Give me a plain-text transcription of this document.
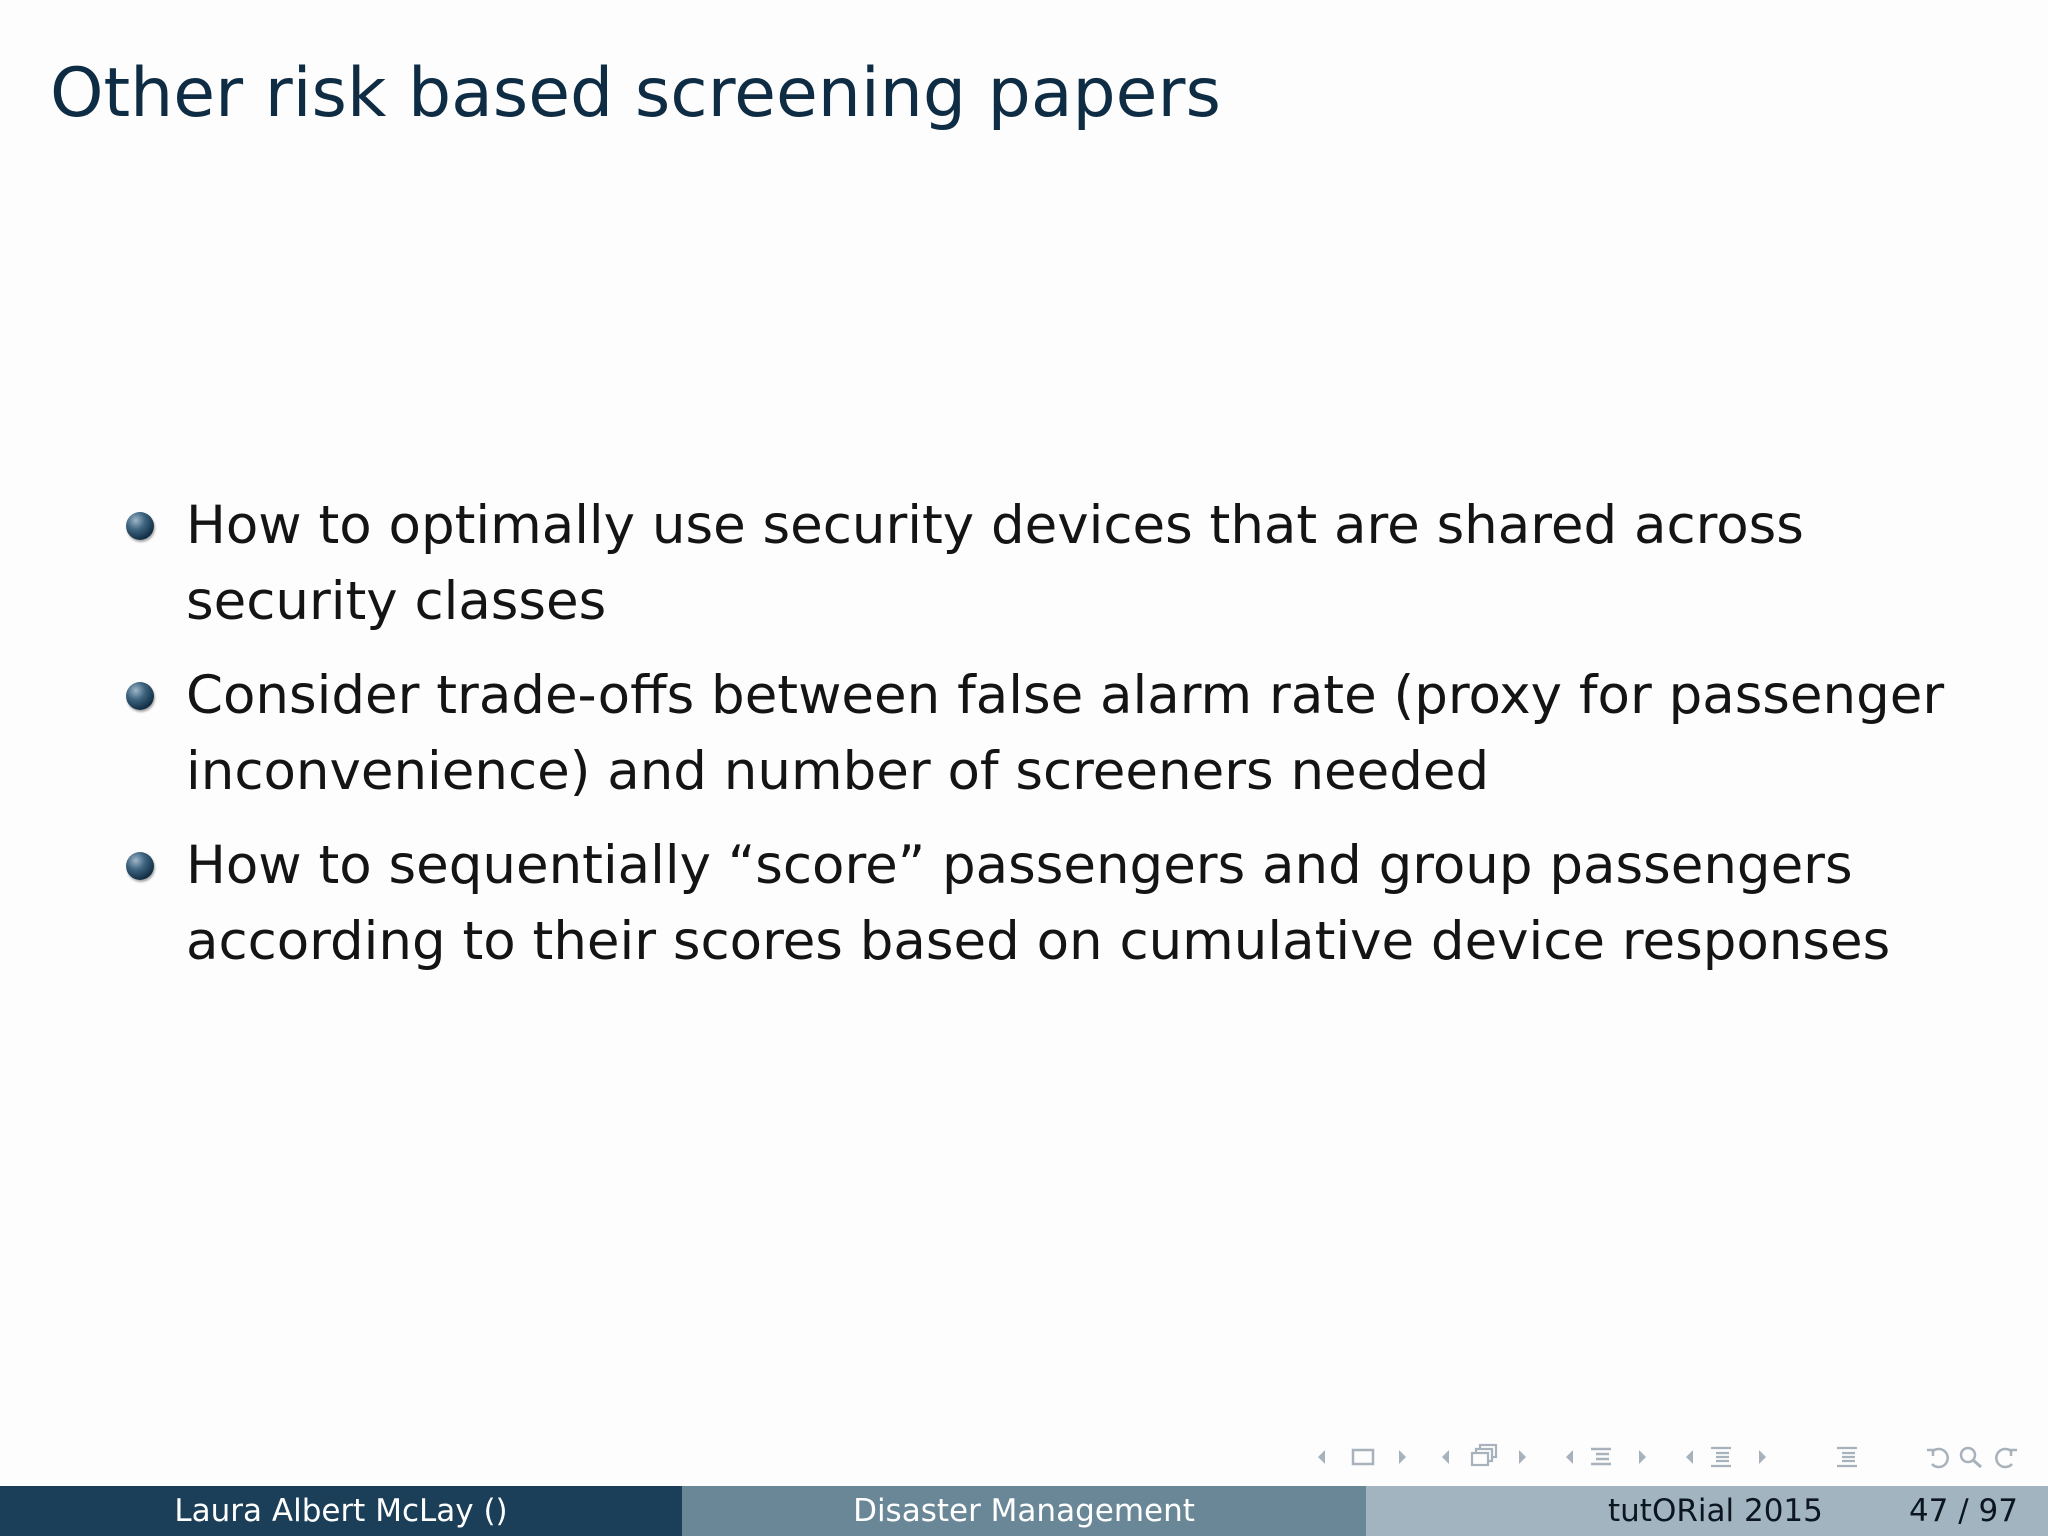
Other risk based screening papers
How to optimally use security devices that are shared across security classes
Consider trade-offs between false alarm rate (proxy for passenger inconvenience) and number of screeners needed
How to sequentially “score” passengers and group passengers according to their scores based on cumulative device responses
Laura Albert McLay ()	Disaster Management	tutORial 2015	47 / 97
